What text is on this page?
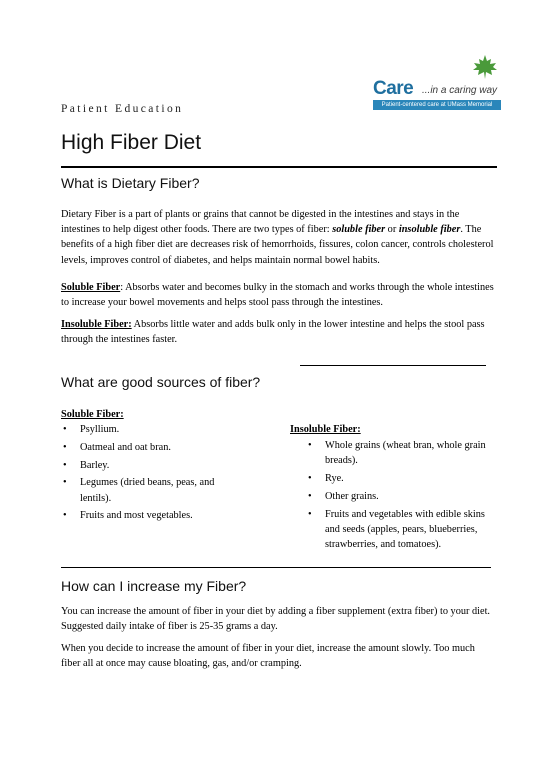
Patient Education
Care ...in a caring way
Patient-centered care at UMass Memorial
High Fiber Diet
What is Dietary Fiber?

Dietary Fiber is a part of plants or grains that cannot be digested in the intestines and stays in the intestines to help digest other foods. There are two types of fiber: soluble fiber or insoluble fiber. The benefits of a high fiber diet are decreases risk of hemorrhoids, fissures, colon cancer, controls cholesterol levels, improves control of diabetes, and helps maintain normal bowel habits.

Soluble Fiber: Absorbs water and becomes bulky in the stomach and works through the whole intestines to increase your bowel movements and helps stool pass through the intestines.

Insoluble Fiber: Absorbs little water and adds bulk only in the lower intestine and helps the stool pass through the intestines faster.

What are good sources of fiber?
Soluble Fiber:
• Psyllium.
• Oatmeal and oat bran.
• Barley.
• Legumes (dried beans, peas, and lentils).
• Fruits and most vegetables.
Insoluble Fiber:
• Whole grains (wheat bran, whole grain breads).
• Rye.
• Other grains.
• Fruits and vegetables with edible skins and seeds (apples, pears, blueberries, strawberries, and tomatoes).
How can I increase my Fiber?

You can increase the amount of fiber in your diet by adding a fiber supplement (extra fiber) to your diet. Suggested daily intake of fiber is 25-35 grams a day.

When you decide to increase the amount of fiber in your diet, increase the amount slowly. Too much fiber all at once may cause bloating, gas, and/or cramping.
